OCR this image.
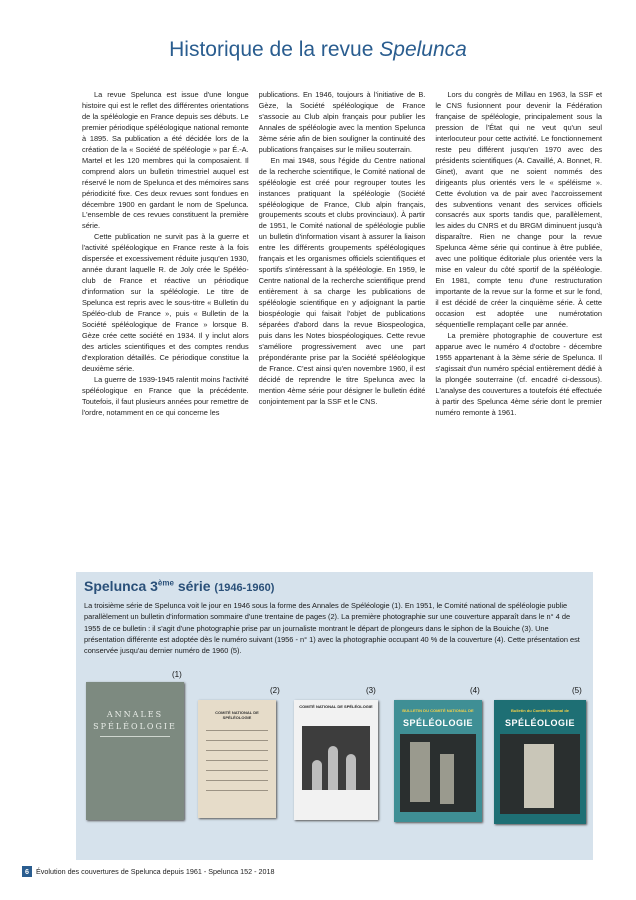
Historique de la revue Spelunca

La revue Spelunca est issue d'une longue histoire qui est le reflet des différentes orientations de la spéléologie en France depuis ses débuts. Le premier périodique spéléologique national remonte à 1895. Sa publication a été décidée lors de la création de la « Société de spéléologie » par É.-A. Martel et les 120 membres qui la composaient. Il comprend alors un bulletin trimestriel auquel est réservé le nom de Spelunca et des mémoires sans périodicité fixe. Ces deux revues sont fondues en décembre 1900 en gardant le nom de Spelunca. L'ensemble de ces revues constituent la première série.

Cette publication ne survit pas à la guerre et l'activité spéléologique en France reste à la fois dispersée et excessivement réduite jusqu'en 1930, année durant laquelle R. de Joly crée le Spéléo-club de France et réactive un périodique d'information sur la spéléologie. Le titre de Spelunca est repris avec le sous-titre « Bulletin du Spéléo-club de France », puis « Bulletin de la Société spéléologique de France » lorsque B. Gèze crée cette société en 1934. Il y inclut alors des articles scientifiques et des comptes rendus d'exploration détaillés. Ce périodique constitue la deuxième série.

La guerre de 1939-1945 ralentit moins l'activité spéléologique en France que la précédente. Toutefois, il faut plusieurs années pour remettre de l'ordre, notamment en ce qui concerne les

publications. En 1946, toujours à l'initiative de B. Gèze, la Société spéléologique de France s'associe au Club alpin français pour publier les Annales de spéléologie avec la mention Spelunca 3ème série afin de bien souligner la continuité des publications françaises sur le milieu souterrain.

En mai 1948, sous l'égide du Centre national de la recherche scientifique, le Comité national de spéléologie est créé pour regrouper toutes les instances pratiquant la spéléologie (Société spéléologique de France, Club alpin français, groupements scouts et clubs provinciaux). À partir de 1951, le Comité national de spéléologie publie un bulletin d'information visant à assurer la liaison entre les différents groupements spéléologiques français et les organismes officiels scientifiques et sportifs s'intéressant à la spéléologie. En 1959, le Centre national de la recherche scientifique prend entièrement à sa charge les publications de spéléologie scientifique en y adjoignant la partie biospéologie qui faisait l'objet de publications séparées d'abord dans la revue Biospeologica, puis dans les Notes biospéologiques. Cette revue s'améliore progressivement avec une part prépondérante prise par la Société spéléologique de France. C'est ainsi qu'en novembre 1960, il est décidé de reprendre le titre Spelunca avec la mention 4ème série pour désigner le bulletin édité conjointement par la SSF et le CNS.

Lors du congrès de Millau en 1963, la SSF et le CNS fusionnent pour devenir la Fédération française de spéléologie, principalement sous la pression de l'État qui ne veut qu'un seul interlocuteur pour cette activité. Le fonctionnement reste peu différent jusqu'en 1970 avec des présidents scientifiques (A. Cavaillé, A. Bonnet, R. Ginet), avant que ne soient nommés des dirigeants plus orientés vers le « spéléisme ». Cette évolution va de pair avec l'accroissement des subventions venant des services officiels consacrés aux sports tandis que, parallèlement, les aides du CNRS et du BRGM diminuent jusqu'à disparaître. Rien ne change pour la revue Spelunca 4ème série qui continue à être publiée, avec une politique éditoriale plus orientée vers la mise en valeur du côté sportif de la spéléologie. En 1981, compte tenu d'une restructuration importante de la revue sur la forme et sur le fond, il est décidé de créer la cinquième série. À cette occasion est adoptée une numérotation séquentielle remplaçant celle par année.

La première photographie de couverture est apparue avec le numéro 4 d'octobre - décembre 1955 appartenant à la 3ème série de Spelunca. Il s'agissait d'un numéro spécial entièrement dédié à la plongée souterraine (cf. encadré ci-dessous). L'analyse des couvertures a toutefois été effectuée à partir des Spelunca 4ème série dont le premier numéro remonte à 1961.

Spelunca 3ème série (1946-1960)
La troisième série de Spelunca voit le jour en 1946 sous la forme des Annales de Spéléologie (1). En 1951, le Comité national de spéléologie publie parallèlement un bulletin d'information sommaire d'une trentaine de pages (2). La première photographie sur une couverture apparaît dans le n° 4 de 1955 de ce bulletin : il s'agit d'une photographie prise par un journaliste montrant le départ de plongeurs dans le siphon de la Bouiche (3). Une présentation différente est adoptée dès le numéro suivant (1956 - n° 1) avec la photographie occupant 40 % de la couverture (4). Cette présentation est conservée jusqu'au dernier numéro de 1960 (5).
(1)
(2)	(3)	(4)	(5)
ANNALES
SPÉLÉOLOGIE
COMITÉ NATIONAL DE SPÉLÉOLOGIE
COMITÉ NATIONAL DE SPÉLÉOLOGIE
BULLETIN DU COMITÉ NATIONAL DE
SPÉLÉOLOGIE
Bulletin du Comité National de
SPÉLÉOLOGIE
6 Évolution des couvertures de Spelunca depuis 1961 - Spelunca 152 - 2018
